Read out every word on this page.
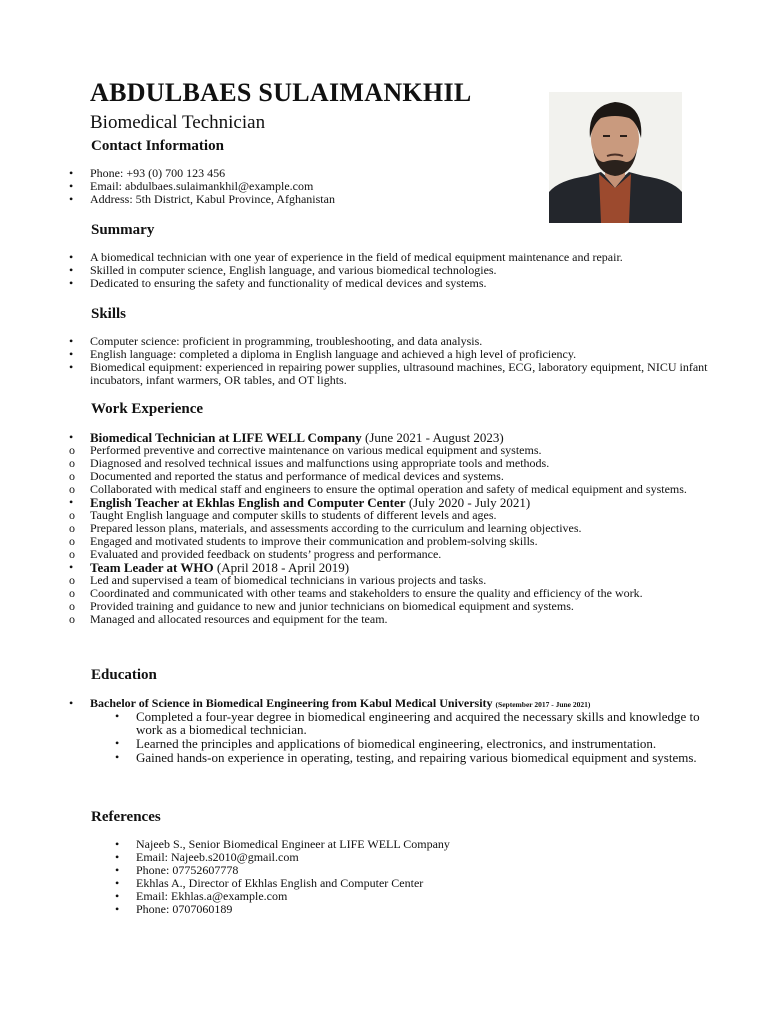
ABDULBAES SULAIMANKHIL
Biomedical Technician
Contact Information
• Phone: +93 (0) 700 123 456
• Email: abdulbaes.sulaimankhil@example.com
• Address: 5th District, Kabul Province, Afghanistan
Summary
• A biomedical technician with one year of experience in the field of medical equipment maintenance and repair.
• Skilled in computer science, English language, and various biomedical technologies.
• Dedicated to ensuring the safety and functionality of medical devices and systems.
Skills
• Computer science: proficient in programming, troubleshooting, and data analysis.
• English language: completed a diploma in English language and achieved a high level of proficiency.
• Biomedical equipment: experienced in repairing power supplies, ultrasound machines, ECG, laboratory equipment, NICU infant incubators, infant warmers, OR tables, and OT lights.
Work Experience
• Biomedical Technician at LIFE WELL Company (June 2021 - August 2023)
o Performed preventive and corrective maintenance on various medical equipment and systems.
o Diagnosed and resolved technical issues and malfunctions using appropriate tools and methods.
o Documented and reported the status and performance of medical devices and systems.
o Collaborated with medical staff and engineers to ensure the optimal operation and safety of medical equipment and systems.
• English Teacher at Ekhlas English and Computer Center (July 2020 - July 2021)
o Taught English language and computer skills to students of different levels and ages.
o Prepared lesson plans, materials, and assessments according to the curriculum and learning objectives.
o Engaged and motivated students to improve their communication and problem-solving skills.
o Evaluated and provided feedback on students’ progress and performance.
• Team Leader at WHO (April 2018 - April 2019)
o Led and supervised a team of biomedical technicians in various projects and tasks.
o Coordinated and communicated with other teams and stakeholders to ensure the quality and efficiency of the work.
o Provided training and guidance to new and junior technicians on biomedical equipment and systems.
o Managed and allocated resources and equipment for the team.
Education
• Bachelor of Science in Biomedical Engineering from Kabul Medical University (September 2017 - June 2021)
• Completed a four-year degree in biomedical engineering and acquired the necessary skills and knowledge to work as a biomedical technician.
• Learned the principles and applications of biomedical engineering, electronics, and instrumentation.
• Gained hands-on experience in operating, testing, and repairing various biomedical equipment and systems.
References
• Najeeb S., Senior Biomedical Engineer at LIFE WELL Company
• Email: Najeeb.s2010@gmail.com
• Phone: 07752607778
• Ekhlas A., Director of Ekhlas English and Computer Center
• Email: Ekhlas.a@example.com
• Phone: 0707060189
